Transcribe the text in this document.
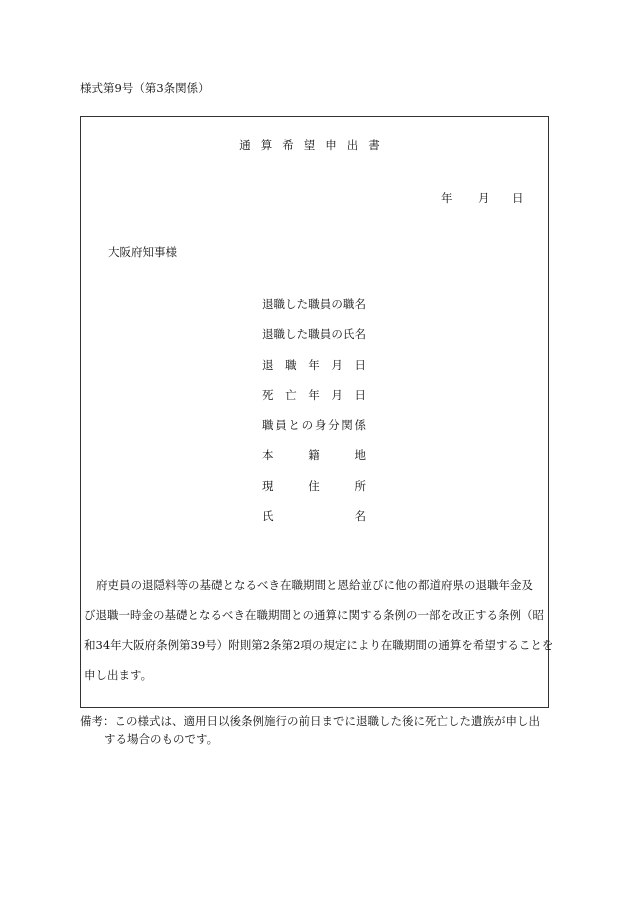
様式第9号（第3条関係）
通算希望申出書
年 月 日
大阪府知事様
退職した職員の職名
退職した職員の氏名
退職年月日
死亡年月日
職員との身分関係
本籍地
現住所
氏名
府吏員の退隠料等の基礎となるべき在職期間と恩給並びに他の都道府県の退職年金及
び退職一時金の基礎となるべき在職期間との通算に関する条例の一部を改正する条例（昭
和34年大阪府条例第39号）附則第2条第2項の規定により在職期間の通算を希望することを
申し出ます。
備考：この様式は、適用日以後条例施行の前日までに退職した後に死亡した遺族が申し出
する場合のものです。
